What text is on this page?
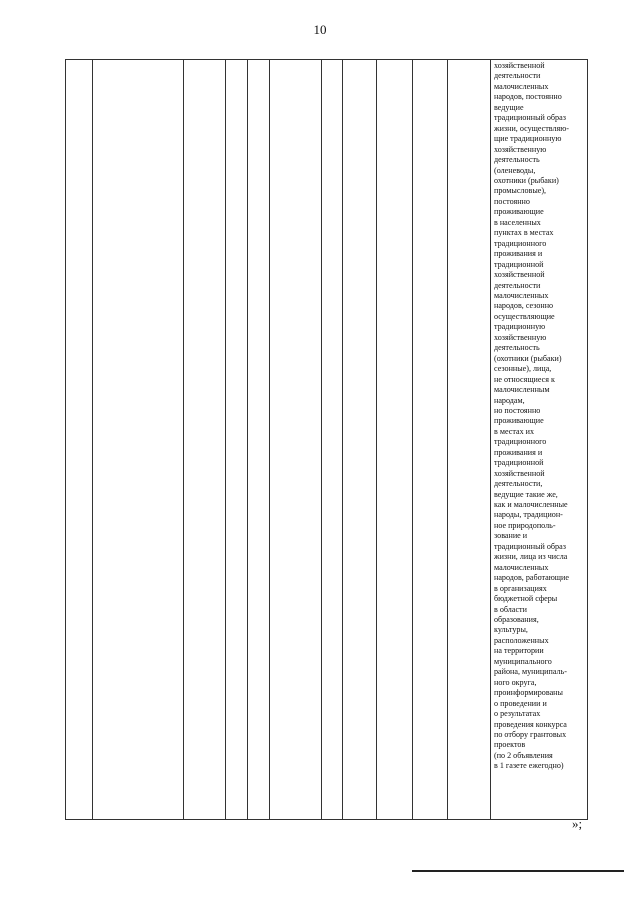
10

хозяйственной
деятельности
малочисленных
народов, постоянно
ведущие
традиционный образ
жизни, осуществляю-
щие традиционную
хозяйственную
деятельность
(оленеводы,
охотники (рыбаки)
промысловые),
постоянно
проживающие
в населенных
пунктах в местах
традиционного
проживания и
традиционной
хозяйственной
деятельности
малочисленных
народов, сезонно
осуществляющие
традиционную
хозяйственную
деятельность
(охотники (рыбаки)
сезонные), лица,
не относящиеся к
малочисленным
народам,
но постоянно
проживающие
в местах их
традиционного
проживания и
традиционной
хозяйственной
деятельности,
ведущие такие же,
как и малочисленные
народы, традицион-
ное природополь-
зование и
традиционный образ
жизни, лица из числа
малочисленных
народов, работающие
в организациях
бюджетной сферы
в области
образования,
культуры,
расположенных
на территории
муниципального
района, муниципаль-
ного округа,
проинформированы
о проведении и
о результатах
проведения конкурса
по отбору грантовых
проектов
(по 2 объявления
в 1 газете ежегодно)
»;
